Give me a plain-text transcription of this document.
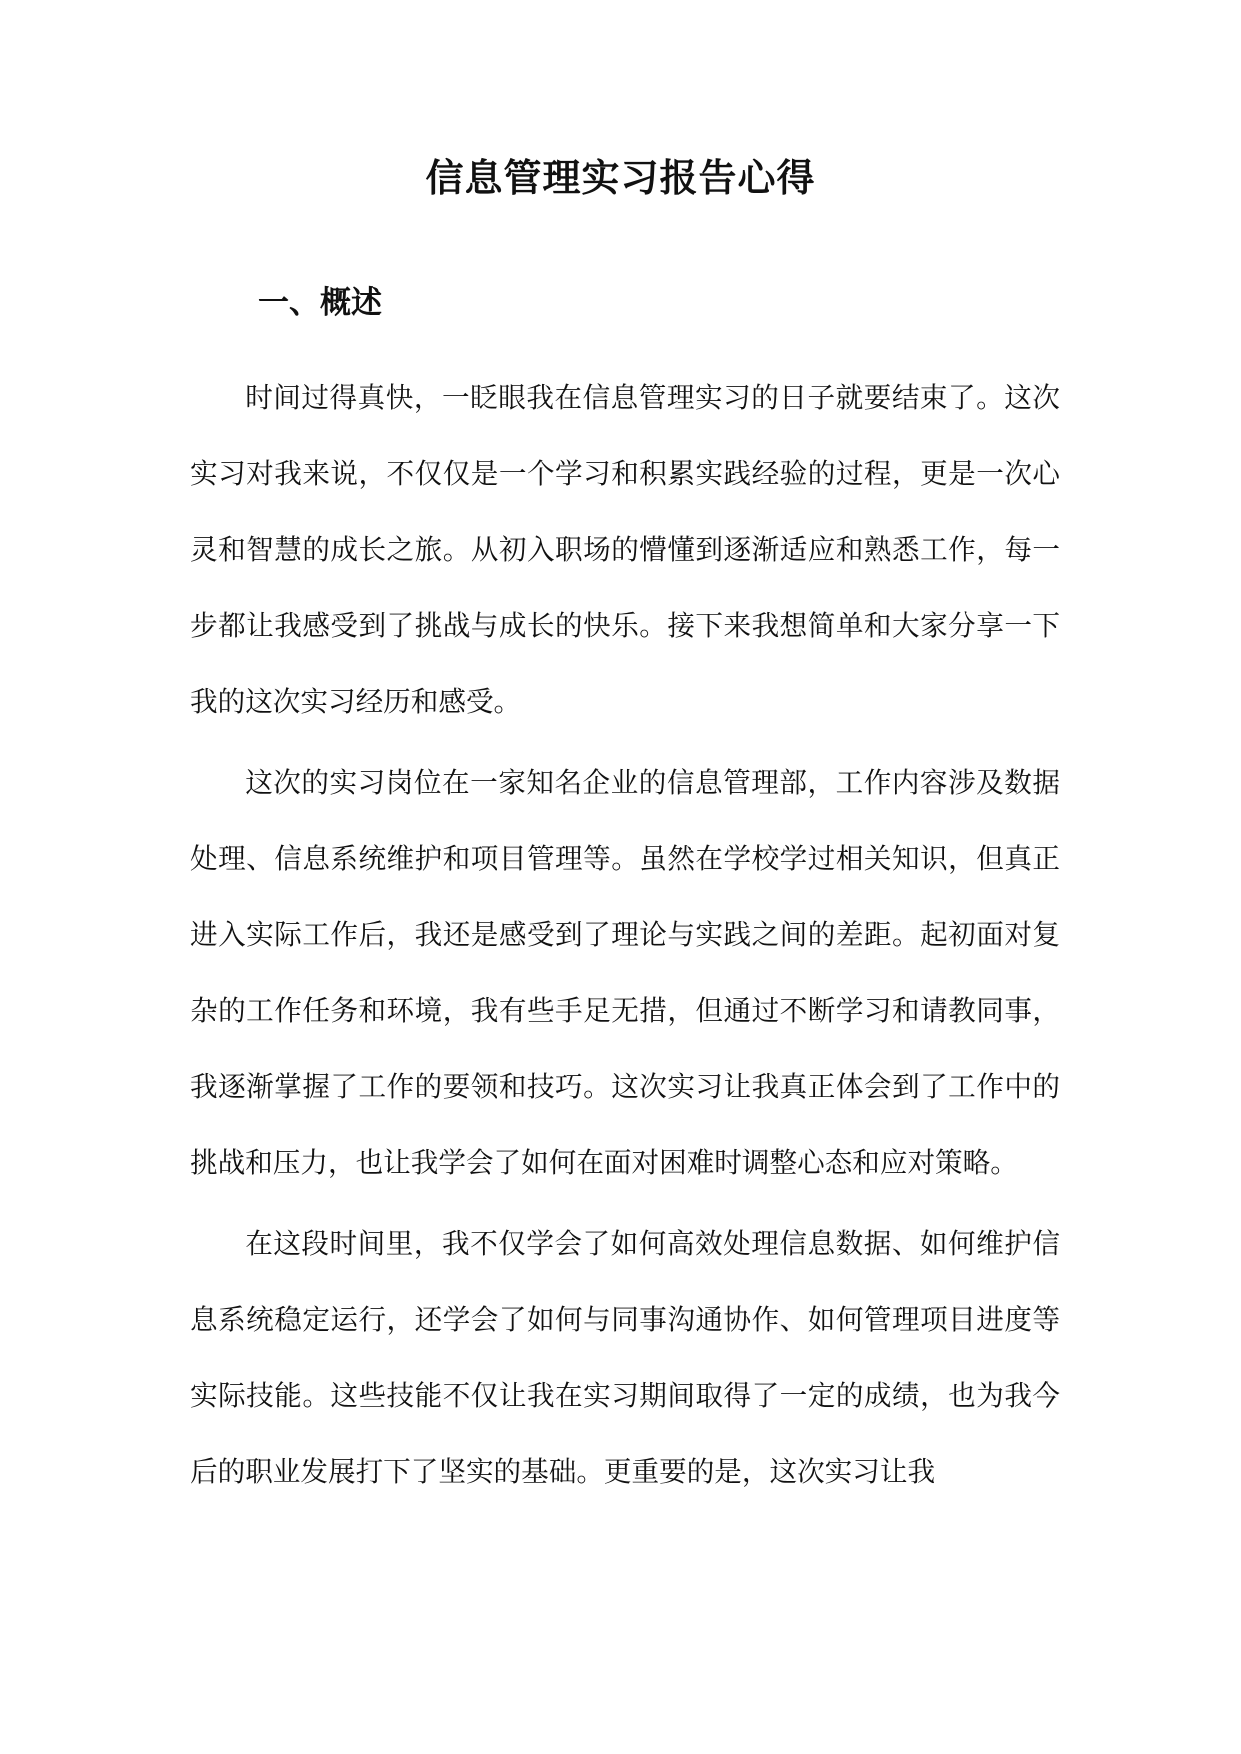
信息管理实习报告心得
一、概述

时间过得真快，一眨眼我在信息管理实习的日子就要结束了。这次实习对我来说，不仅仅是一个学习和积累实践经验的过程，更是一次心灵和智慧的成长之旅。从初入职场的懵懂到逐渐适应和熟悉工作，每一步都让我感受到了挑战与成长的快乐。接下来我想简单和大家分享一下我的这次实习经历和感受。

这次的实习岗位在一家知名企业的信息管理部，工作内容涉及数据处理、信息系统维护和项目管理等。虽然在学校学过相关知识，但真正进入实际工作后，我还是感受到了理论与实践之间的差距。起初面对复杂的工作任务和环境，我有些手足无措，但通过不断学习和请教同事，我逐渐掌握了工作的要领和技巧。这次实习让我真正体会到了工作中的挑战和压力，也让我学会了如何在面对困难时调整心态和应对策略。

在这段时间里，我不仅学会了如何高效处理信息数据、如何维护信息系统稳定运行，还学会了如何与同事沟通协作、如何管理项目进度等实际技能。这些技能不仅让我在实习期间取得了一定的成绩，也为我今后的职业发展打下了坚实的基础。更重要的是，这次实习让我
